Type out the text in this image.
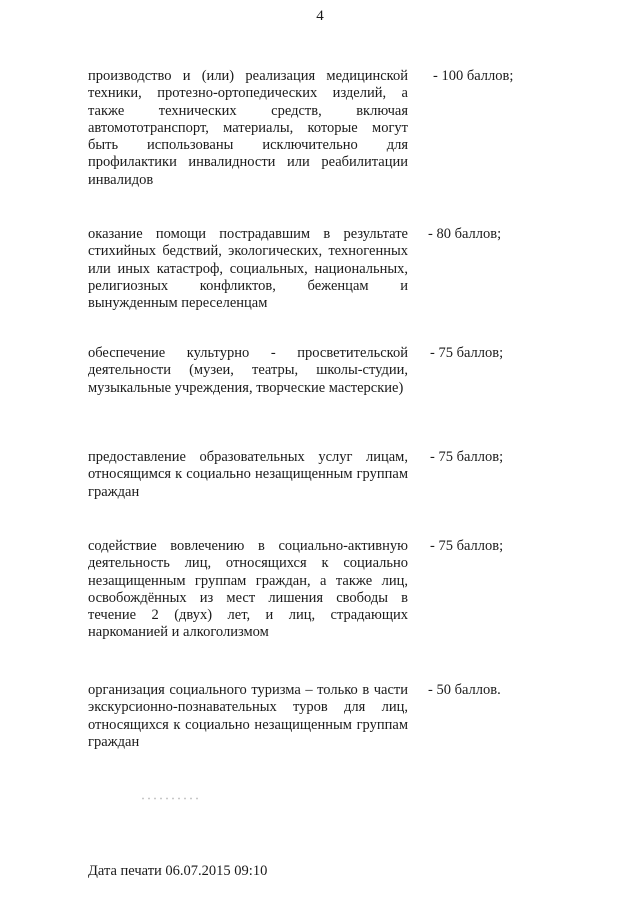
4
производство и (или) реализация медицинской техники, протезно-ортопедических изделий, а также технических средств, включая автомототранспорт, материалы, которые могут быть использованы исключительно для профилактики инвалидности или реабилитации инвалидов
- 100 баллов;
оказание помощи пострадавшим в результате стихийных бедствий, экологических, техногенных или иных катастроф, социальных, национальных, религиозных конфликтов, беженцам и вынужденным переселенцам
- 80 баллов;
обеспечение культурно - просветительской деятельности (музеи, театры, школы-студии, музыкальные учреждения, творческие мастерские)
- 75 баллов;
предоставление образовательных услуг лицам, относящимся к социально незащищенным группам граждан
- 75 баллов;
содействие вовлечению в социально-активную деятельность лиц, относящихся к социально незащищенным группам граждан, а также лиц, освобождённых из мест лишения свободы в течение 2 (двух) лет, и лиц, страдающих наркоманией и алкоголизмом
- 75 баллов;
организация социального туризма – только в части экскурсионно-познавательных туров для лиц, относящихся к социально незащищенным группам граждан
- 50 баллов.
Дата печати 06.07.2015 09:10
